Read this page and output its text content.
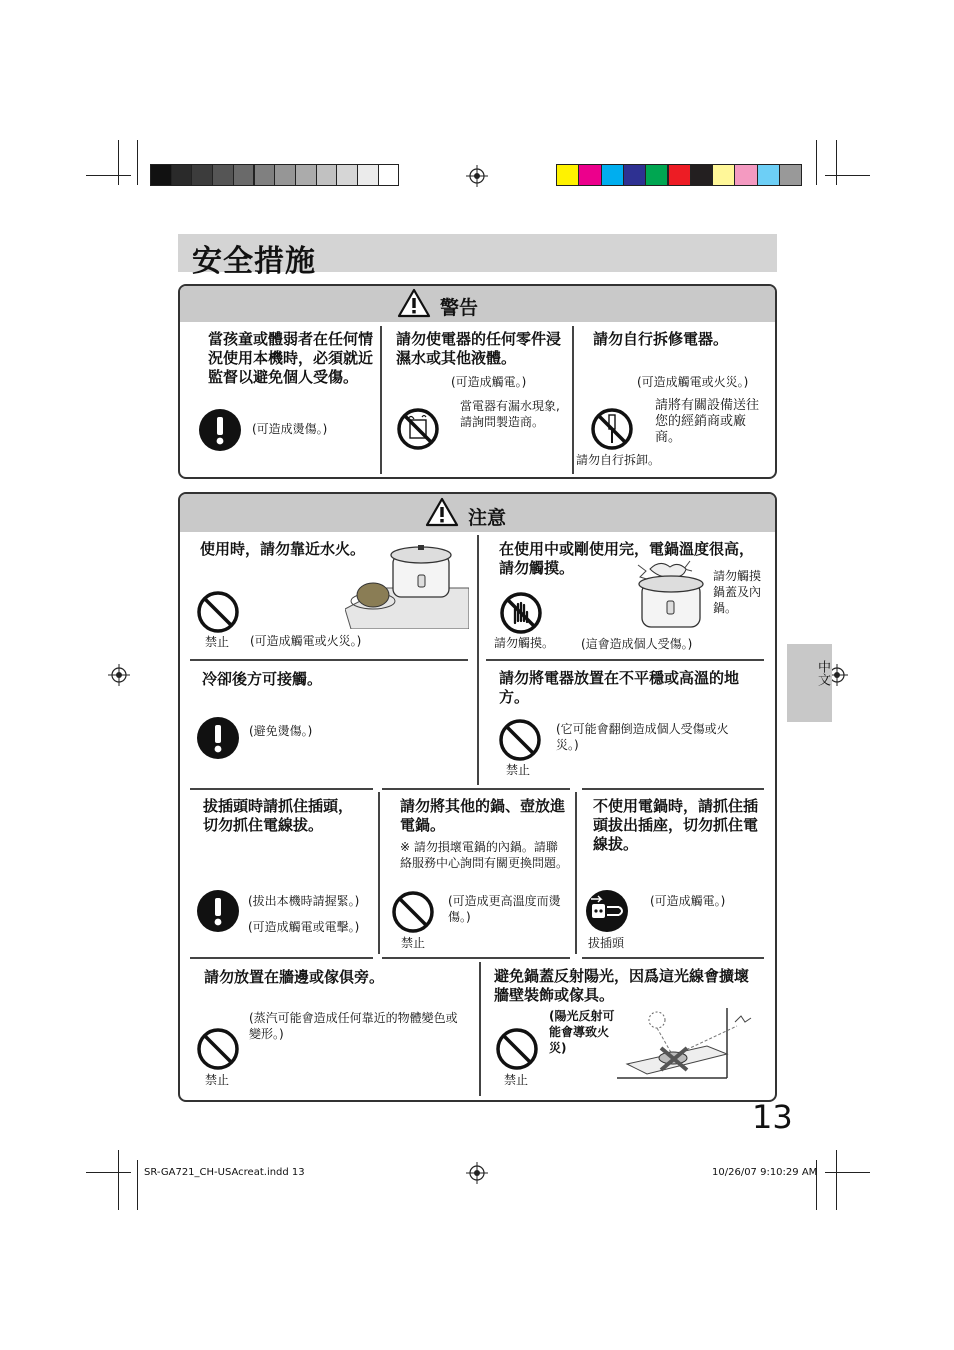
安全措施
警告
當孩童或體弱者在任何情況使用本機時，必須就近監督以避免個人受傷。
(可造成燙傷。)
請勿使電器的任何零件浸濕水或其他液體。
(可造成觸電。)
當電器有漏水現象, 請詢問製造商。
請勿自行拆修電器。
(可造成觸電或火災。)
請將有關設備送往您的經銷商或廠商。
請勿自行拆卸。
注意
使用時，請勿靠近水火。
禁止 (可造成觸電或火災。)
在使用中或剛使用完，電鍋溫度很高，請勿觸摸。	請勿觸摸鍋蓋及內鍋。
請勿觸摸。 (這會造成個人受傷。)
冷卻後方可接觸。
(避免燙傷。)
請勿將電器放置在不平穩或高溫的地方。
(它可能會翻倒造成個人受傷或火災。)
禁止
拔插頭時請抓住插頭，切勿抓住電線拔。
(拔出本機時請握緊。)
(可造成觸電或電擊。)
請勿將其他的鍋、壺放進電鍋。
※ 請勿損壞電鍋的內鍋。請聯絡服務中心詢問有關更換問題。
(可造成更高溫度而燙傷。)
禁止
不使用電鍋時，請抓住插頭拔出插座，切勿抓住電線拔。
(可造成觸電。)
拔插頭
請勿放置在牆邊或傢俱旁。
(蒸汽可能會造成任何靠近的物體變色或變形。)
禁止
避免鍋蓋反射陽光，因爲這光線會擴壞牆壁裝飾或傢具。
(陽光反射可能會導致火災)
禁止
中文
13
SR-GA721_CH-USAcreat.indd 13	10/26/07 9:10:29 AM
